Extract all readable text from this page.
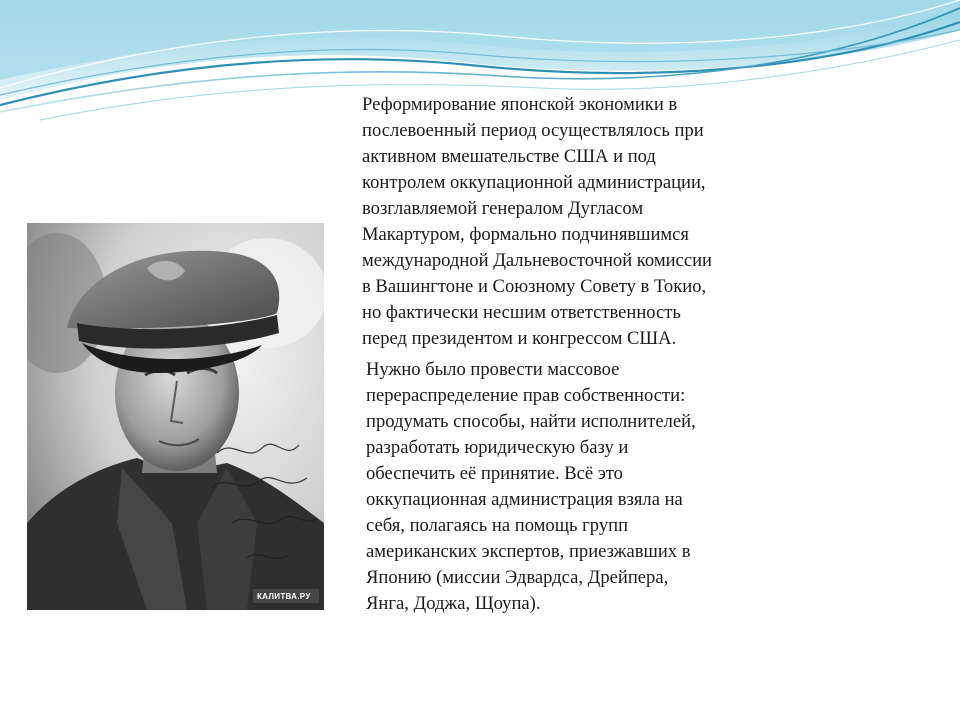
КАЛИТВА.РУ

Реформирование японской экономики в
послевоенный период осуществлялось при
активном вмешательстве США и под
контролем оккупационной администрации,
возглавляемой генералом Дугласом
Макартуром, формально подчинявшимся
международной Дальневосточной комиссии
в Вашингтоне и Союзному Совету в Токио,
но фактически несшим ответственность
перед президентом и конгрессом США.

Нужно было провести массовое
перераспределение прав собственности:
продумать способы, найти исполнителей,
разработать юридическую базу и
обеспечить её принятие. Всё это
оккупационная администрация взяла на
себя, полагаясь на помощь групп
американских экспертов, приезжавших в
Японию (миссии Эдвардса, Дрейпера,
Янга, Доджа, Щоупа).
